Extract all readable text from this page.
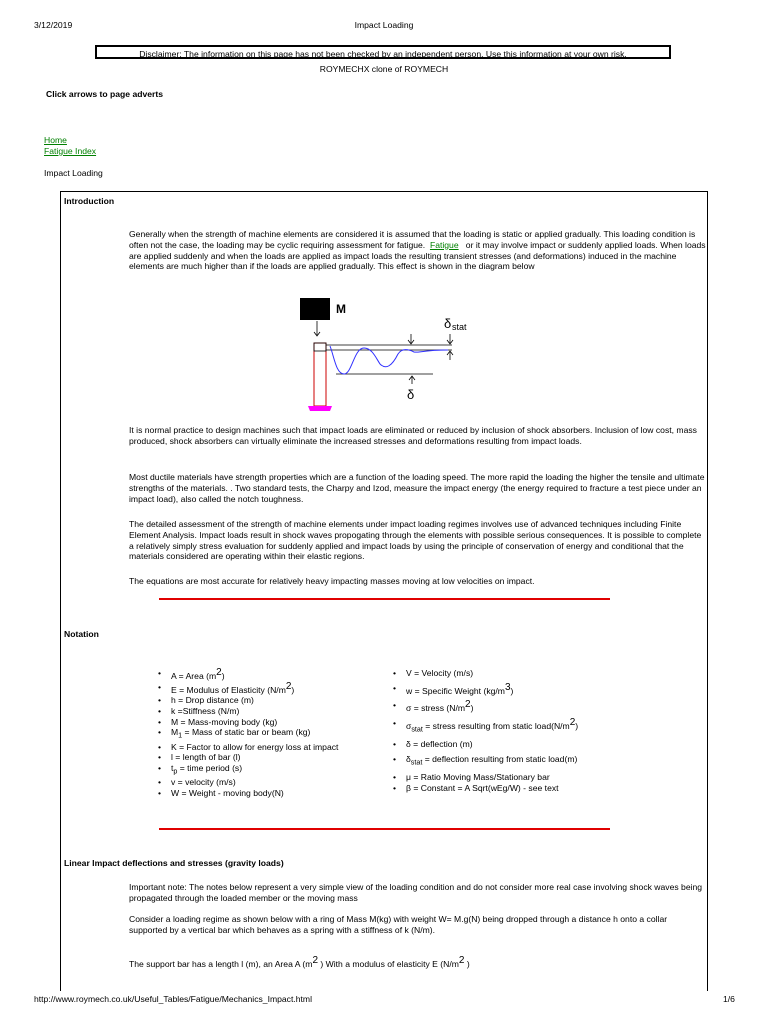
3/12/2019	Impact Loading
Disclaimer: The information on this page has not been checked by an independent person. Use this information at your own risk.
ROYMECHX clone of ROYMECH
Click arrows to page adverts
Home
Fatigue Index
Impact Loading
Introduction
Generally when the strength of machine elements are considered it is assumed that the loading is static or applied gradually. This loading condition is often not the case, the loading may be cyclic requiring assessment for fatigue. Fatigue or it may involve impact or suddenly applied loads. When loads are applied suddenly and when the loads are applied as impact loads the resulting transient stresses (and deformations) induced in the machine elements are much higher than if the loads are applied gradually. This effect is shown in the diagram below
M
δ stat
δ
It is normal practice to design machines such that impact loads are eliminated or reduced by inclusion of shock absorbers. Inclusion of low cost, mass produced, shock absorbers can virtually eliminate the increased stresses and deformations resulting from impact loads.
Most ductile materials have strength properties which are a function of the loading speed. The more rapid the loading the higher the tensile and ultimate strengths of the materials. . Two standard tests, the Charpy and Izod, measure the impact energy (the energy required to fracture a test piece under an impact load), also called the notch toughness.
The detailed assessment of the strength of machine elements under impact loading regimes involves use of advanced techniques including Finite Element Analysis. Impact loads result in shock waves propogating through the elements with possible serious consequences. It is possible to complete a relatively simply stress evaluation for suddenly applied and impact loads by using the principle of conservation of energy and conditional that the materials considered are operating within their elastic regions.
The equations are most accurate for relatively heavy impacting masses moving at low velocities on impact.
Notation
• A = Area $(m^2)$
• E = Modulus of Elasticity $(N/m^2)$
• h = Drop distance (m)
• k =Stiffness (N/m)
• M = Mass-moving body (kg)
• $M_1$ = Mass of static bar or beam (kg)
• K = Factor to allow for energy loss at impact
• l = length of bar (l)
• $t_p$ = time period (s)
• v = velocity (m/s)
• W = Weight - moving body(N)
• V = Velocity (m/s)
• w = Specific Weight $(kg/m^3)$
• σ = stress $(N/m^2)$
• $\sigma_{stat}$ = stress resulting from static $load(N/m^2)$
• δ = deflection (m)
• $\delta_{stat}$ = deflection resulting from static load(m)
• μ = Ratio Moving Mass/Stationary bar
• β = Constant = A Sqrt(wEg/W) - see text
Linear Impact deflections and stresses (gravity loads)
Important note: The notes below represent a very simple view of the loading condition and do not consider more real case involving shock waves being propagated through the loaded member or the moving mass
Consider a loading regime as shown below with a ring of Mass M(kg) with weight W= M.g(N) being dropped through a distance h onto a collar supported by a vertical bar which behaves as a spring with a stiffness of k (N/m).
The support bar has a length l (m), an Area A ($m^2$ ) With a modulus of elasticity E ($N/m^2$ )
http://www.roymech.co.uk/Useful_Tables/Fatigue/Mechanics_Impact.html	1/6
